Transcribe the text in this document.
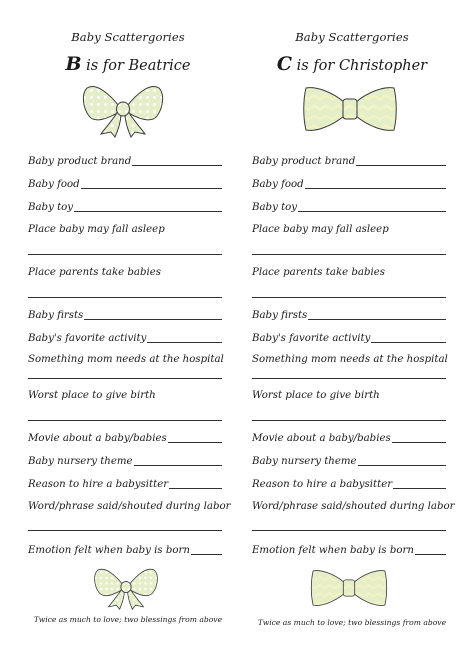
Baby Scattergories
B is for Beatrice
Baby product brand
Baby food
Baby toy
Place baby may fall asleep
Place parents take babies
Baby firsts
Baby's favorite activity
Something mom needs at the hospital
Worst place to give birth
Movie about a baby/babies
Baby nursery theme
Reason to hire a babysitter
Word/phrase said/shouted during labor
Emotion felt when baby is born
Twice as much to love; two blessings from above
Baby Scattergories
C is for Christopher
Baby product brand
Baby food
Baby toy
Place baby may fall asleep
Place parents take babies
Baby firsts
Baby's favorite activity
Something mom needs at the hospital
Worst place to give birth
Movie about a baby/babies
Baby nursery theme
Reason to hire a babysitter
Word/phrase said/shouted during labor
Emotion felt when baby is born
Twice as much to love; two blessings from above
